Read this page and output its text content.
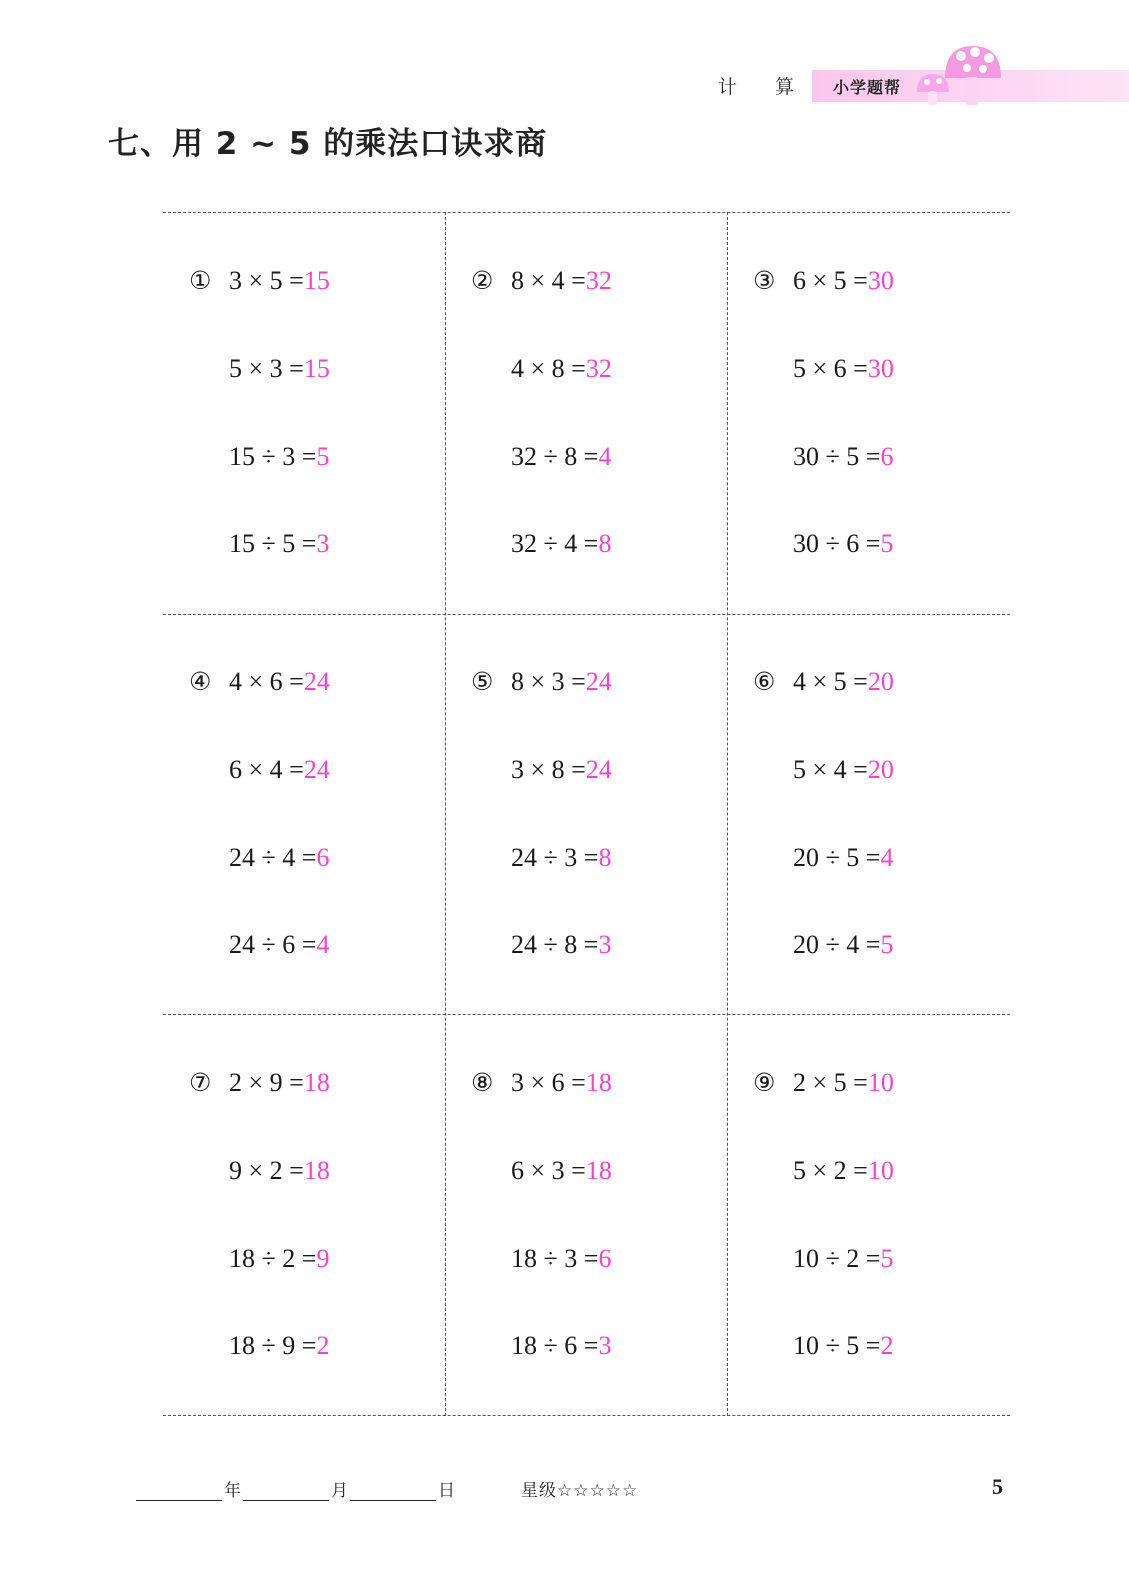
计 算 小学题帮
七、用 2 ~ 5 的乘法口诀求商
① 3 × 5 =15
5 × 3 =15
15 ÷ 3 =5
15 ÷ 5 =3
② 8 × 4 =32
4 × 8 =32
32 ÷ 8 =4
32 ÷ 4 =8
③ 6 × 5 =30
5 × 6 =30
30 ÷ 5 =6
30 ÷ 6 =5
④ 4 × 6 =24
6 × 4 =24
24 ÷ 4 =6
24 ÷ 6 =4
⑤ 8 × 3 =24
3 × 8 =24
24 ÷ 3 =8
24 ÷ 8 =3
⑥ 4 × 5 =20
5 × 4 =20
20 ÷ 5 =4
20 ÷ 4 =5
⑦ 2 × 9 =18
9 × 2 =18
18 ÷ 2 =9
18 ÷ 9 =2
⑧ 3 × 6 =18
6 × 3 =18
18 ÷ 3 =6
18 ÷ 6 =3
⑨ 2 × 5 =10
5 × 2 =10
10 ÷ 2 =5
10 ÷ 5 =2
年	月	日	星级☆☆☆☆☆	5
